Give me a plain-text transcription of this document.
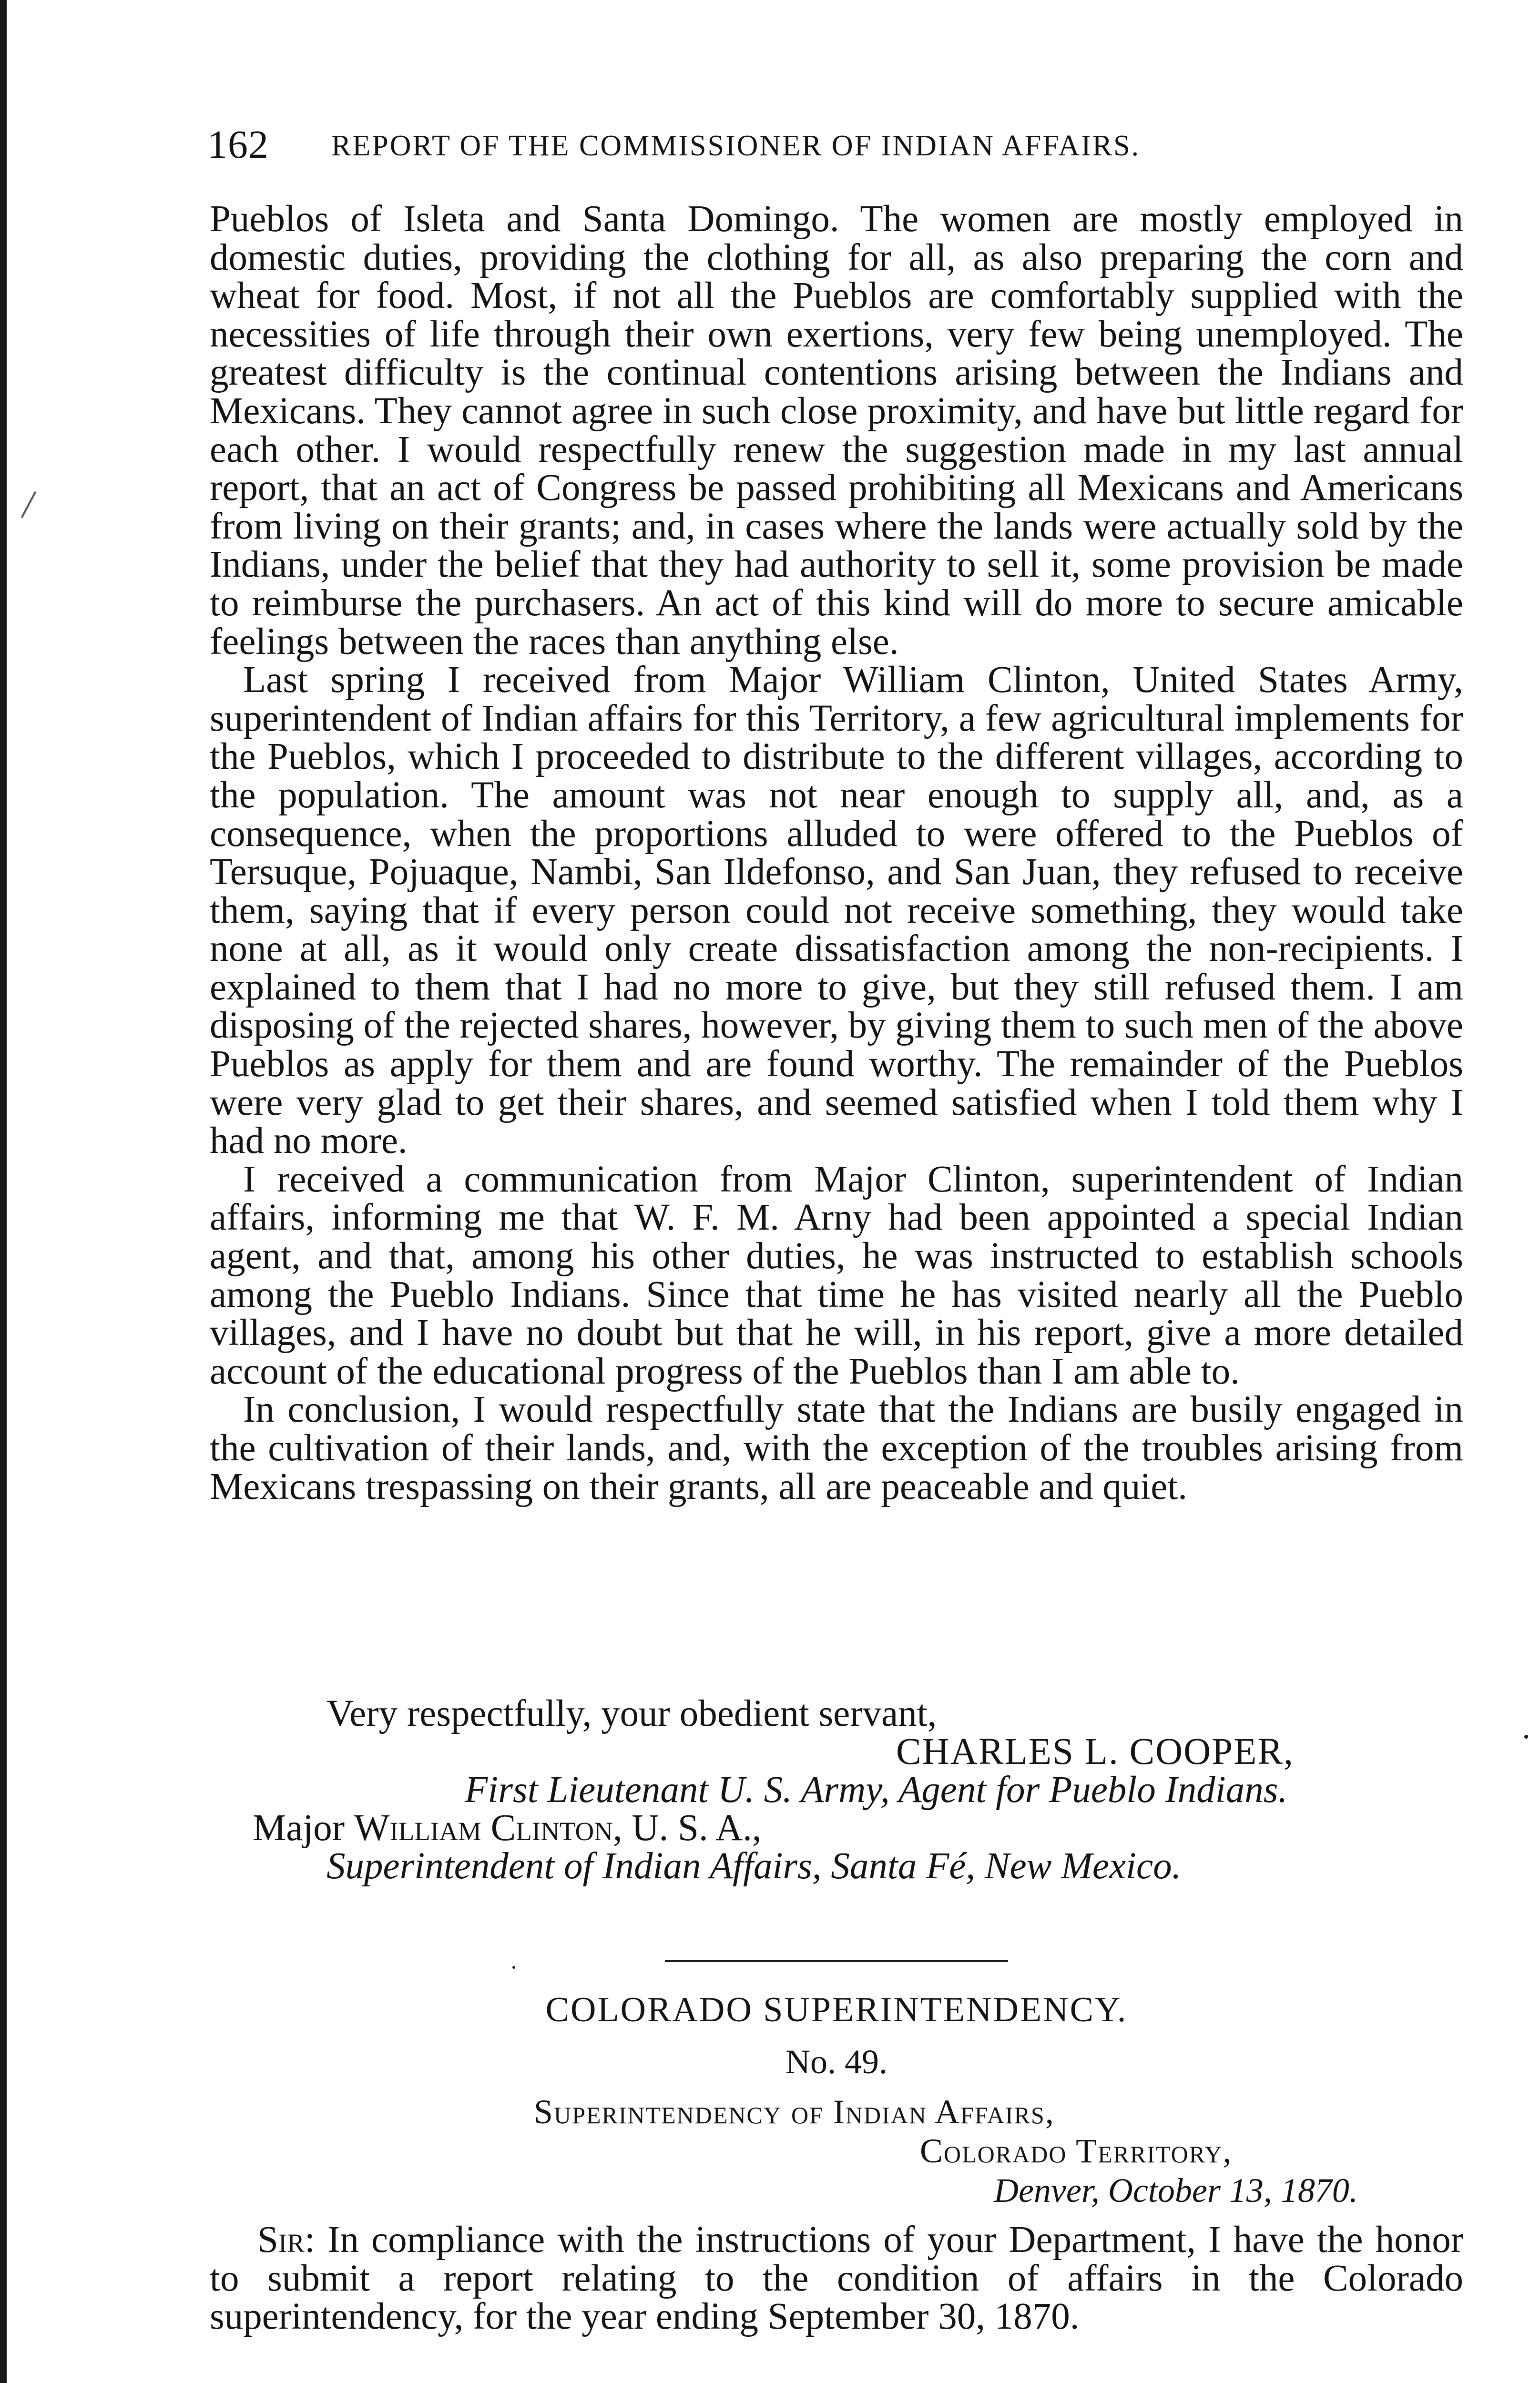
162 REPORT OF THE COMMISSIONER OF INDIAN AFFAIRS.

Pueblos of Isleta and Santa Domingo. The women are mostly employed in domestic duties, providing the clothing for all, as also preparing the corn and wheat for food. Most, if not all the Pueblos are comfortably supplied with the necessities of life through their own exertions, very few being unemployed. The greatest difficulty is the continual contentions arising between the Indians and Mexicans. They cannot agree in such close proximity, and have but little regard for each other. I would respectfully renew the suggestion made in my last annual report, that an act of Congress be passed prohibiting all Mexicans and Americans from living on their grants; and, in cases where the lands were actually sold by the Indians, under the belief that they had authority to sell it, some provision be made to reimburse the purchasers. An act of this kind will do more to secure amicable feelings between the races than anything else.

Last spring I received from Major William Clinton, United States Army, superintendent of Indian affairs for this Territory, a few agricultural implements for the Pueblos, which I proceeded to distribute to the different villages, according to the population. The amount was not near enough to supply all, and, as a consequence, when the proportions alluded to were offered to the Pueblos of Tersuque, Pojuaque, Nambi, San Ildefonso, and San Juan, they refused to receive them, saying that if every person could not receive something, they would take none at all, as it would only create dissatisfaction among the non-recipients. I explained to them that I had no more to give, but they still refused them. I am disposing of the rejected shares, however, by giving them to such men of the above Pueblos as apply for them and are found worthy. The remainder of the Pueblos were very glad to get their shares, and seemed satisfied when I told them why I had no more.

I received a communication from Major Clinton, superintendent of Indian affairs, informing me that W. F. M. Arny had been appointed a special Indian agent, and that, among his other duties, he was instructed to establish schools among the Pueblo Indians. Since that time he has visited nearly all the Pueblo villages, and I have no doubt but that he will, in his report, give a more detailed account of the educational progress of the Pueblos than I am able to.

In conclusion, I would respectfully state that the Indians are busily engaged in the cultivation of their lands, and, with the exception of the troubles arising from Mexicans trespassing on their grants, all are peaceable and quiet.

Very respectfully, your obedient servant,

CHARLES L. COOPER,

First Lieutenant U. S. Army, Agent for Pueblo Indians.

Major William Clinton, U. S. A.,

Superintendent of Indian Affairs, Santa Fé, New Mexico.

COLORADO SUPERINTENDENCY.
No. 49.
Superintendency of Indian Affairs,
Colorado Territory,
Denver, October 13, 1870.

Sir: In compliance with the instructions of your Department, I have the honor to submit a report relating to the condition of affairs in the Colorado superintendency, for the year ending September 30, 1870.
